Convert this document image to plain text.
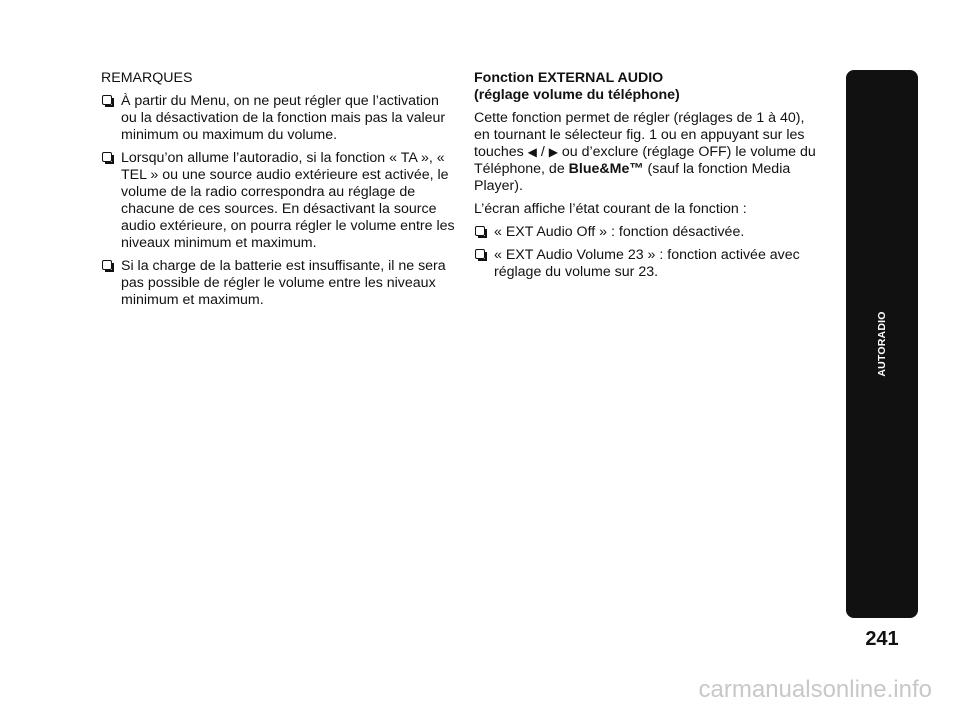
REMARQUES

À partir du Menu, on ne peut régler que l’activation ou la désactivation de la fonction mais pas la valeur minimum ou maximum du volume.
Lorsqu’on allume l’autoradio, si la fonction « TA », « TEL » ou une source audio extérieure est activée, le volume de la radio correspondra au réglage de chacune de ces sources. En désactivant la source audio extérieure, on pourra régler le volume entre les niveaux minimum et maximum.
Si la charge de la batterie est insuffisante, il ne sera pas possible de régler le volume entre les niveaux minimum et maximum.
Fonction EXTERNAL AUDIO
(réglage volume du téléphone)

Cette fonction permet de régler (réglages de 1 à 40), en tournant le sélecteur fig. 1 ou en appuyant sur les touches ◀ / ▶ ou d’exclure (réglage OFF) le volume du Téléphone, de Blue&Me™ (sauf la fonction Media Player).

L’écran affiche l’état courant de la fonction :

« EXT Audio Off » : fonction désactivée.
« EXT Audio Volume 23 » : fonction activée avec réglage du volume sur 23.
AUTORADIO
241
carmanualsonline.info
